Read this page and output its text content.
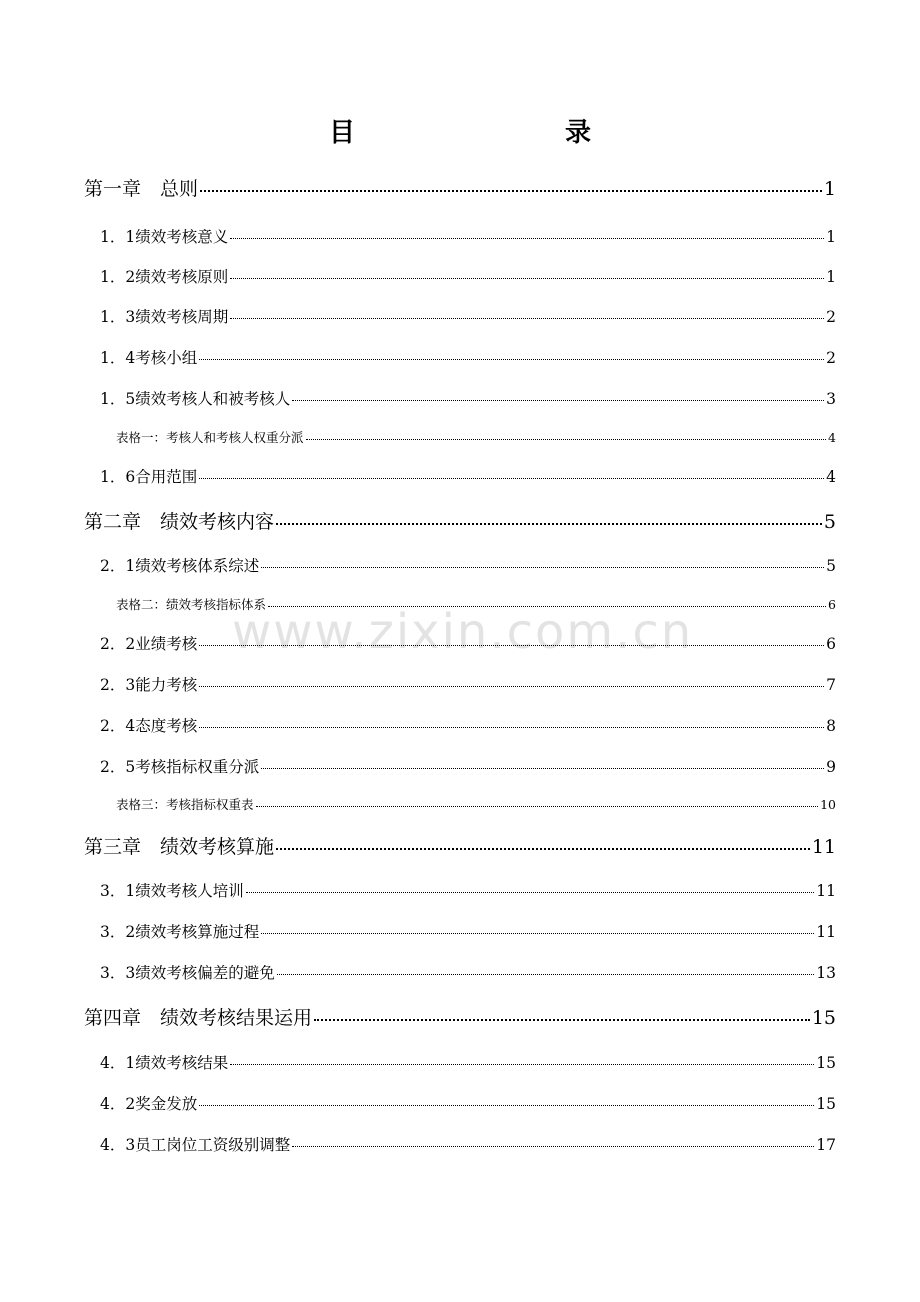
www.zixin.com.cn
目　录
第一章　总则	1
1．1绩效考核意义	1
1．2绩效考核原则	1
1．3绩效考核周期	2
1．4考核小组	2
1．5绩效考核人和被考核人	3
表格一：考核人和考核人权重分派	4
1．6合用范围	4
第二章　绩效考核内容	5
2．1绩效考核体系综述	5
表格二：绩效考核指标体系	6
2．2业绩考核	6
2．3能力考核	7
2．4态度考核	8
2．5考核指标权重分派	9
表格三：考核指标权重表	10
第三章　绩效考核算施	11
3．1绩效考核人培训	11
3．2绩效考核算施过程	11
3．3绩效考核偏差的避免	13
第四章　绩效考核结果运用	15
4．1绩效考核结果	15
4．2奖金发放	15
4．3员工岗位工资级别调整	17
